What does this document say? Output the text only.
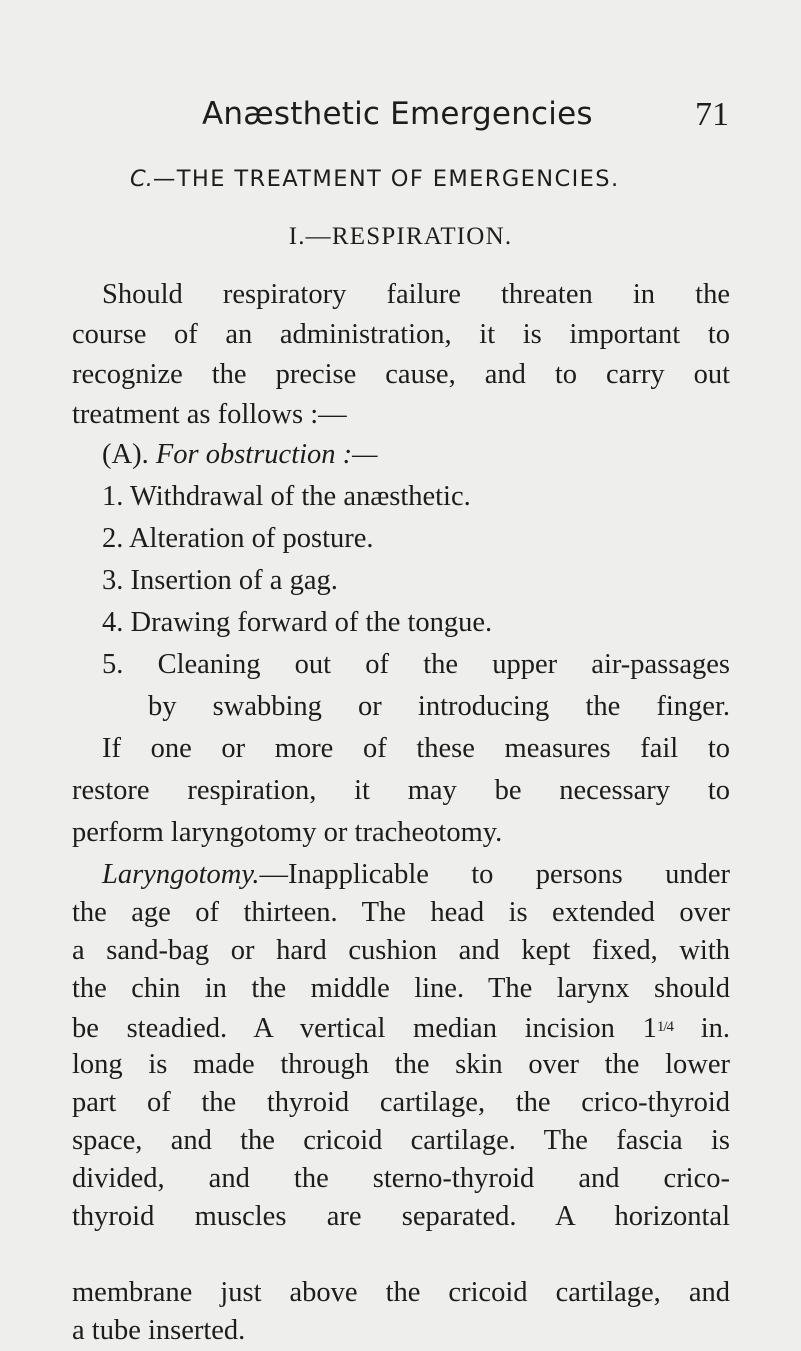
Anæsthetic Emergencies	71
C.—THE TREATMENT OF EMERGENCIES.
I.—RESPIRATION.
Should respiratory failure threaten in the
course of an administration, it is important to
recognize the precise cause, and to carry out
treatment as follows :—
(A). For obstruction :—
1. Withdrawal of the anæsthetic.
2. Alteration of posture.
3. Insertion of a gag.
4. Drawing forward of the tongue.
5. Cleaning out of the upper air-passages
by swabbing or introducing the finger.
If one or more of these measures fail to
restore respiration, it may be necessary to
perform laryngotomy or tracheotomy.
Laryngotomy.—Inapplicable to persons under
the age of thirteen. The head is extended over
a sand-bag or hard cushion and kept fixed, with
the chin in the middle line. The larynx should
be steadied. A vertical median incision 11/4 in.
long is made through the skin over the lower
part of the thyroid cartilage, the crico-thyroid
space, and the cricoid cartilage. The fascia is
divided, and the sterno-thyroid and crico-
thyroid muscles are separated. A horizontal
membrane just above the cricoid cartilage, and
a tube inserted.
